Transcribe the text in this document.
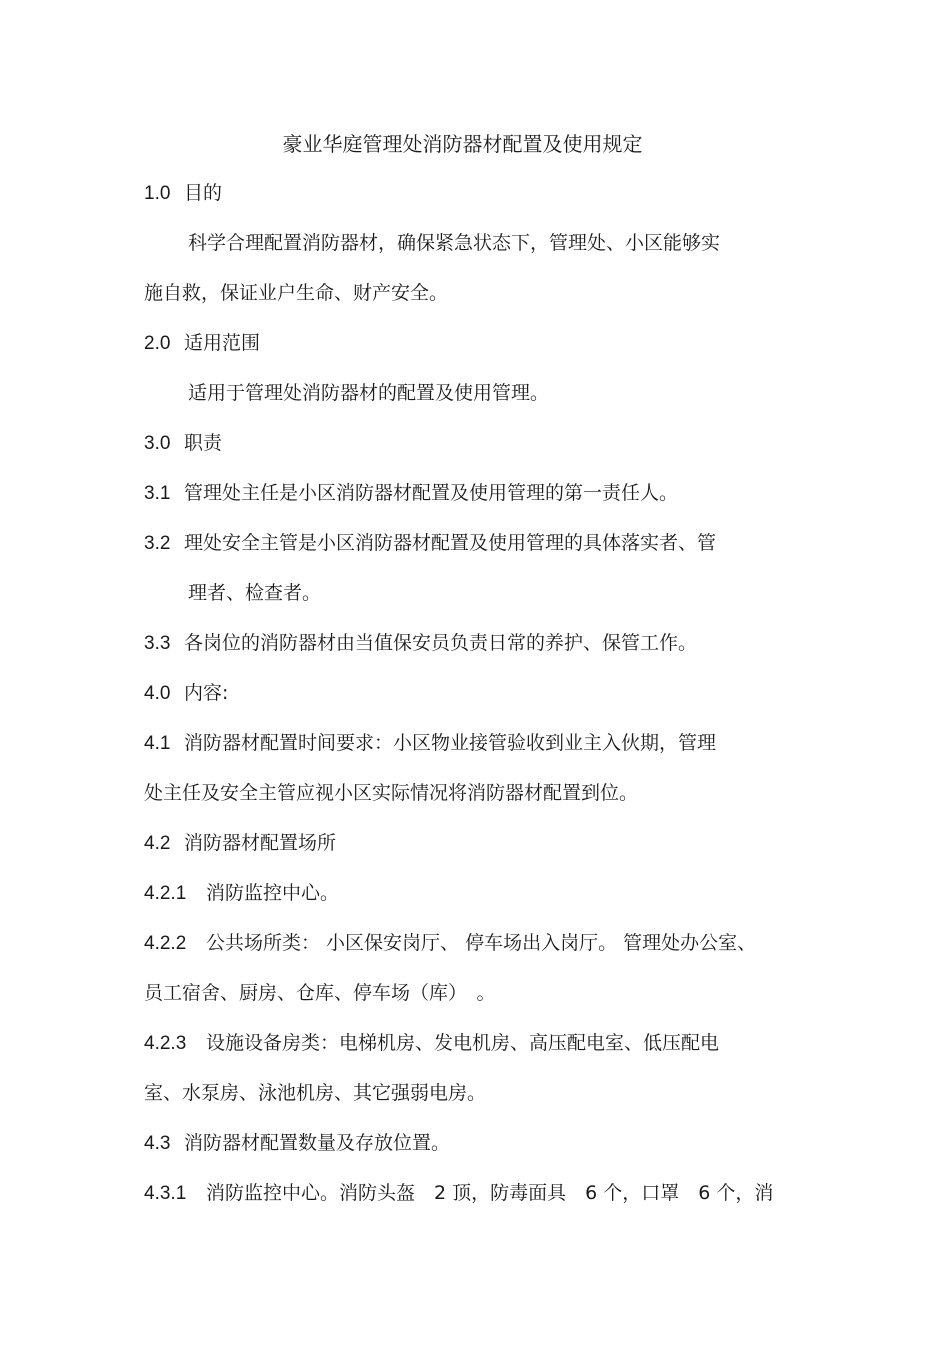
豪业华庭管理处消防器材配置及使用规定
1.0 目的
科学合理配置消防器材，确保紧急状态下，管理处、小区能够实
施自救，保证业户生命、财产安全。
2.0 适用范围
适用于管理处消防器材的配置及使用管理。
3.0 职责
3.1 管理处主任是小区消防器材配置及使用管理的第一责任人。
3.2 理处安全主管是小区消防器材配置及使用管理的具体落实者、管
理者、检查者。
3.3 各岗位的消防器材由当值保安员负责日常的养护、保管工作。
4.0 内容:
4.1 消防器材配置时间要求：小区物业接管验收到业主入伙期，管理
处主任及安全主管应视小区实际情况将消防器材配置到位。
4.2 消防器材配置场所
4.2.1 消防监控中心。
4.2.2 公共场所类： 小区保安岗厅、 停车场出入岗厅。 管理处办公室、
员工宿舍、厨房、仓库、停车场（库）　。
4.2.3 设施设备房类：电梯机房、发电机房、高压配电室、低压配电
室、水泵房、泳池机房、其它强弱电房。
4.3 消防器材配置数量及存放位置。
4.3.1 消防监控中心。消防头盔　2 顶，防毒面具　6 个，口罩　6 个，消
